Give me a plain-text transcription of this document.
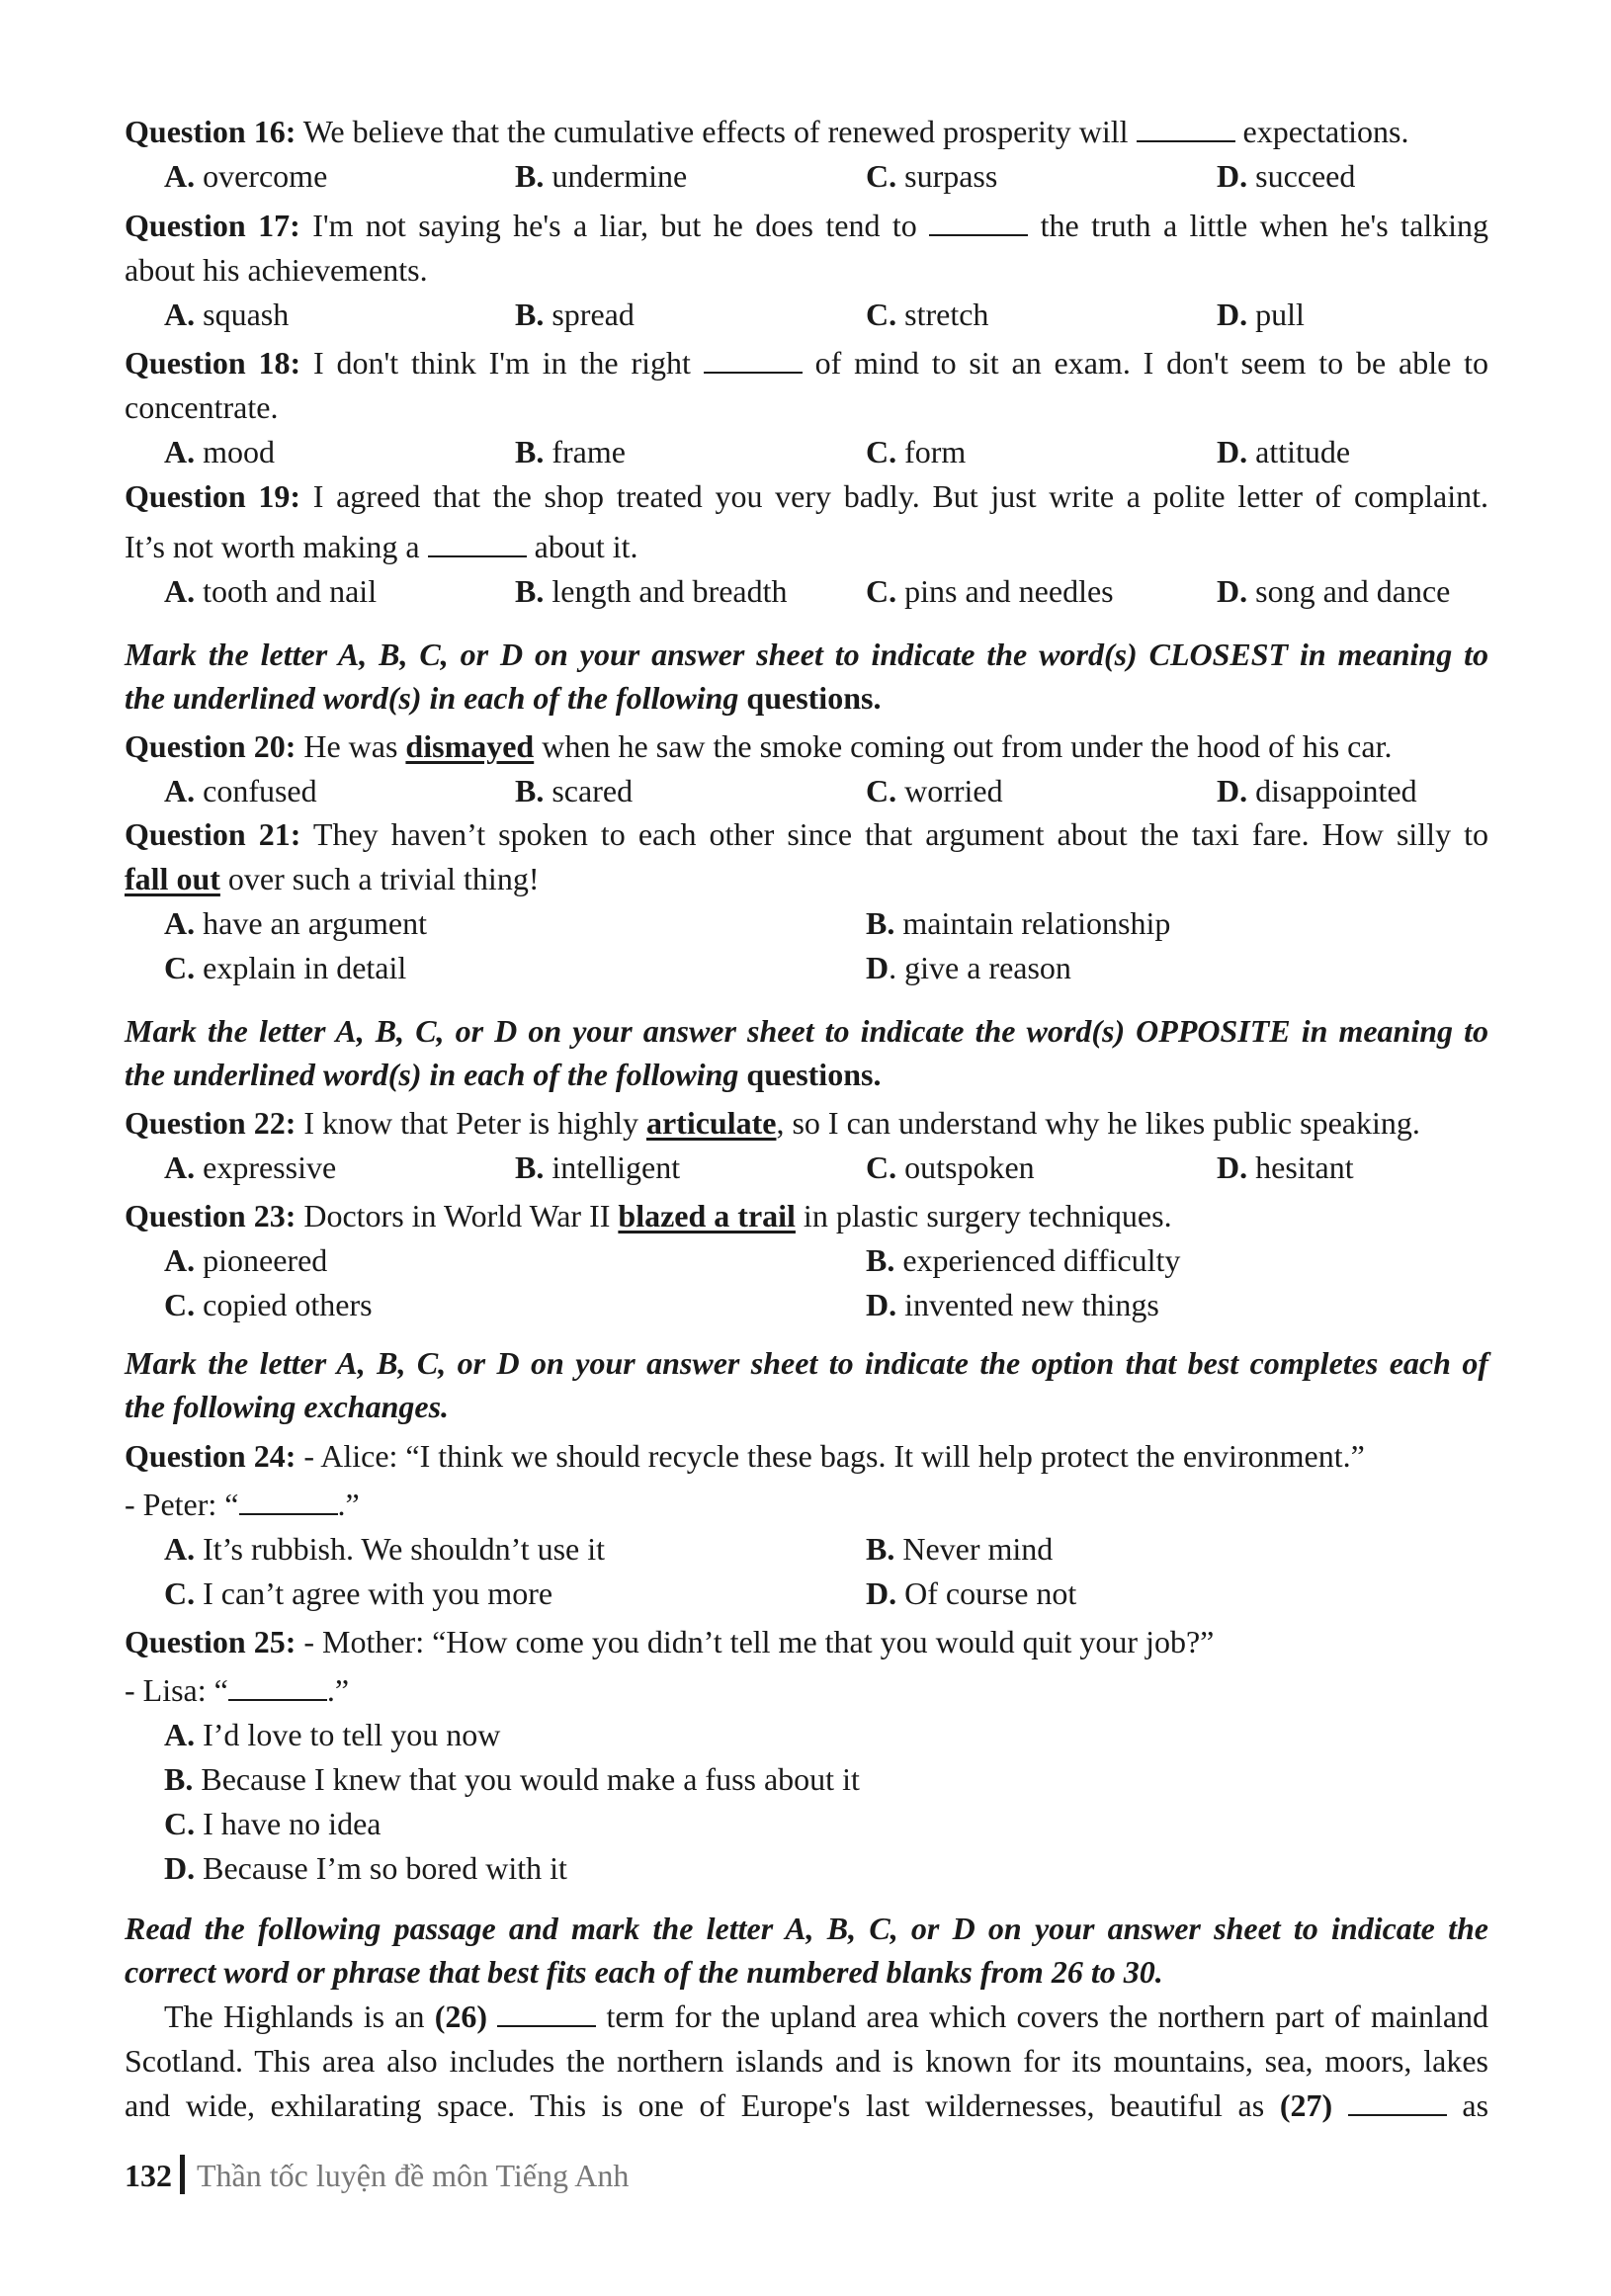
Question 16: We believe that the cumulative effects of renewed prosperity will	expectations.
A. overcome	B. undermine	C. surpass	D. succeed
Question 17: I'm not saying he's a liar, but he does tend to	the truth a little when he's talking
about his achievements.
A. squash	B. spread	C. stretch	D. pull
Question 18: I don't think I'm in the right	of mind to sit an exam. I don't seem to be able to
concentrate.
A. mood	B. frame	C. form	D. attitude
Question 19: I agreed that the shop treated you very badly. But just write a polite letter of complaint.
It’s not worth making a	about it.
A. tooth and nail	B. length and breadth C. pins and needles	D. song and dance
Mark the letter A, B, C, or D on your answer sheet to indicate the word(s) CLOSEST in meaning to
the underlined word(s) in each of the following questions.
Question 20: He was dismayed when he saw the smoke coming out from under the hood of his car.
A. confused	B. scared	C. worried	D. disappointed
Question 21: They haven’t spoken to each other since that argument about the taxi fare. How silly to
fall out over such a trivial thing!
A. have an argument	B. maintain relationship
C. explain in detail	D. give a reason
Mark the letter A, B, C, or D on your answer sheet to indicate the word(s) OPPOSITE in meaning to
the underlined word(s) in each of the following questions.
Question 22: I know that Peter is highly articulate, so I can understand why he likes public speaking.
A. expressive	B. intelligent	C. outspoken	D. hesitant
Question 23: Doctors in World War II blazed a trail in plastic surgery techniques.
A. pioneered	B. experienced difficulty
C. copied others	D. invented new things
Mark the letter A, B, C, or D on your answer sheet to indicate the option that best completes each of
the following exchanges.
Question 24: - Alice: “I think we should recycle these bags. It will help protect the environment.”
- Peter: “	.”
A. It’s rubbish. We shouldn’t use it	B. Never mind
C. I can’t agree with you more	D. Of course not
Question 25: - Mother: “How come you didn’t tell me that you would quit your job?”
- Lisa: “	.”
A. I’d love to tell you now
B. Because I knew that you would make a fuss about it
C. I have no idea
D. Because I’m so bored with it
Read the following passage and mark the letter A, B, C, or D on your answer sheet to indicate the
correct word or phrase that best fits each of the numbered blanks from 26 to 30.
The Highlands is an (26)	term for the upland area which covers the northern part of mainland
Scotland. This area also includes the northern islands and is known for its mountains, sea, moors, lakes
and wide, exhilarating space. This is one of Europe's last wildernesses, beautiful as (27)	as
132 Thần tốc luyện đề môn Tiếng Anh
